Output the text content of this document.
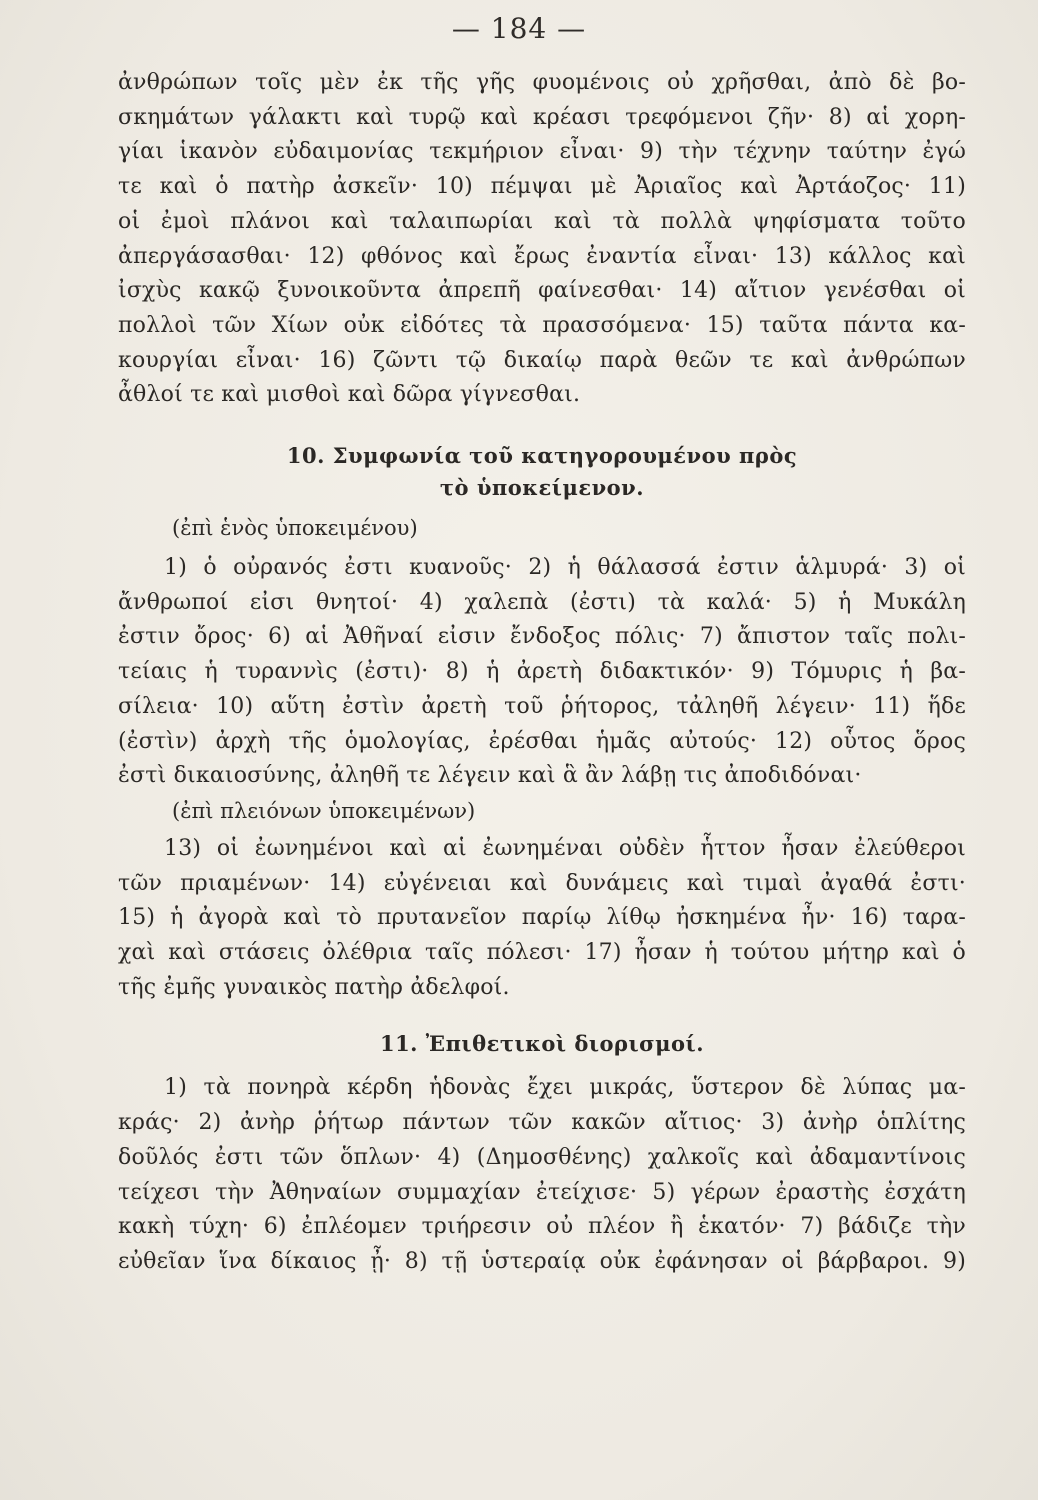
— 184 —
ἀνθρώπων τοῖς μὲν ἐκ τῆς γῆς φυομένοις οὐ χρῆσθαι, ἀπὸ δὲ βο-
σκημάτων γάλακτι καὶ τυρῷ καὶ κρέασι τρεφόμενοι ζῆν· 8) αἱ χορη-
γίαι ἱκανὸν εὐδαιμονίας τεκμήριον εἶναι· 9) τὴν τέχνην ταύτην ἐγώ
τε καὶ ὁ πατὴρ ἀσκεῖν· 10) πέμψαι μὲ Ἀριαῖος καὶ Ἀρτάοζος· 11)
οἱ ἐμοὶ πλάνοι καὶ ταλαιπωρίαι καὶ τὰ πολλὰ ψηφίσματα τοῦτο
ἀπεργάσασθαι· 12) φθόνος καὶ ἔρως ἐναντία εἶναι· 13) κάλλος καὶ
ἰσχὺς κακῷ ξυνοικοῦντα ἀπρεπῆ φαίνεσθαι· 14) αἴτιον γενέσθαι οἱ
πολλοὶ τῶν Χίων οὐκ εἰδότες τὰ πρασσόμενα· 15) ταῦτα πάντα κα-
κουργίαι εἶναι· 16) ζῶντι τῷ δικαίῳ παρὰ θεῶν τε καὶ ἀνθρώπων
ἆθλοί τε καὶ μισθοὶ καὶ δῶρα γίγνεσθαι.
10. Συμφωνία τοῦ κατηγορουμένου πρὸς
τὸ ὑποκείμενον.
(ἐπὶ ἑνὸς ὑποκειμένου)
1) ὁ οὐρανός ἐστι κυανοῦς· 2) ἡ θάλασσά ἐστιν ἁλμυρά· 3) οἱ
ἄνθρωποί εἰσι θνητοί· 4) χαλεπὰ (ἐστι) τὰ καλά· 5) ἡ Μυκάλη
ἐστιν ὄρος· 6) αἱ Ἀθῆναί εἰσιν ἔνδοξος πόλις· 7) ἄπιστον ταῖς πολι-
τείαις ἡ τυραννὶς (ἐστι)· 8) ἡ ἀρετὴ διδακτικόν· 9) Τόμυρις ἡ βα-
σίλεια· 10) αὕτη ἐστὶν ἀρετὴ τοῦ ῥήτορος, τἀληθῆ λέγειν· 11) ἥδε
(ἐστὶν) ἀρχὴ τῆς ὁμολογίας, ἐρέσθαι ἡμᾶς αὐτούς· 12) οὗτος ὅρος
ἐστὶ δικαιοσύνης, ἀληθῆ τε λέγειν καὶ ἃ ἂν λάβῃ τις ἀποδιδόναι·
(ἐπὶ πλειόνων ὑποκειμένων)
13) οἱ ἐωνημένοι καὶ αἱ ἐωνημέναι οὐδὲν ἧττον ἦσαν ἐλεύθεροι
τῶν πριαμένων· 14) εὐγένειαι καὶ δυνάμεις καὶ τιμαὶ ἀγαθά ἐστι·
15) ἡ ἀγορὰ καὶ τὸ πρυτανεῖον παρίῳ λίθῳ ἠσκημένα ἦν· 16) ταρα-
χαὶ καὶ στάσεις ὀλέθρια ταῖς πόλεσι· 17) ἦσαν ἡ τούτου μήτηρ καὶ ὁ
τῆς ἐμῆς γυναικὸς πατὴρ ἀδελφοί.
11. Ἐπιθετικοὶ διορισμοί.
1) τὰ πονηρὰ κέρδη ἡδονὰς ἔχει μικράς, ὕστερον δὲ λύπας μα-
κράς· 2) ἀνὴρ ῥήτωρ πάντων τῶν κακῶν αἴτιος· 3) ἀνὴρ ὁπλίτης
δοῦλός ἐστι τῶν ὅπλων· 4) (Δημοσθένης) χαλκοῖς καὶ ἀδαμαντίνοις
τείχεσι τὴν Ἀθηναίων συμμαχίαν ἐτείχισε· 5) γέρων ἐραστὴς ἐσχάτη
κακὴ τύχη· 6) ἐπλέομεν τριήρεσιν οὐ πλέον ἢ ἑκατόν· 7) βάδιζε τὴν
εὐθεῖαν ἵνα δίκαιος ᾖ· 8) τῇ ὑστεραίᾳ οὐκ ἐφάνησαν οἱ βάρβαροι. 9)
